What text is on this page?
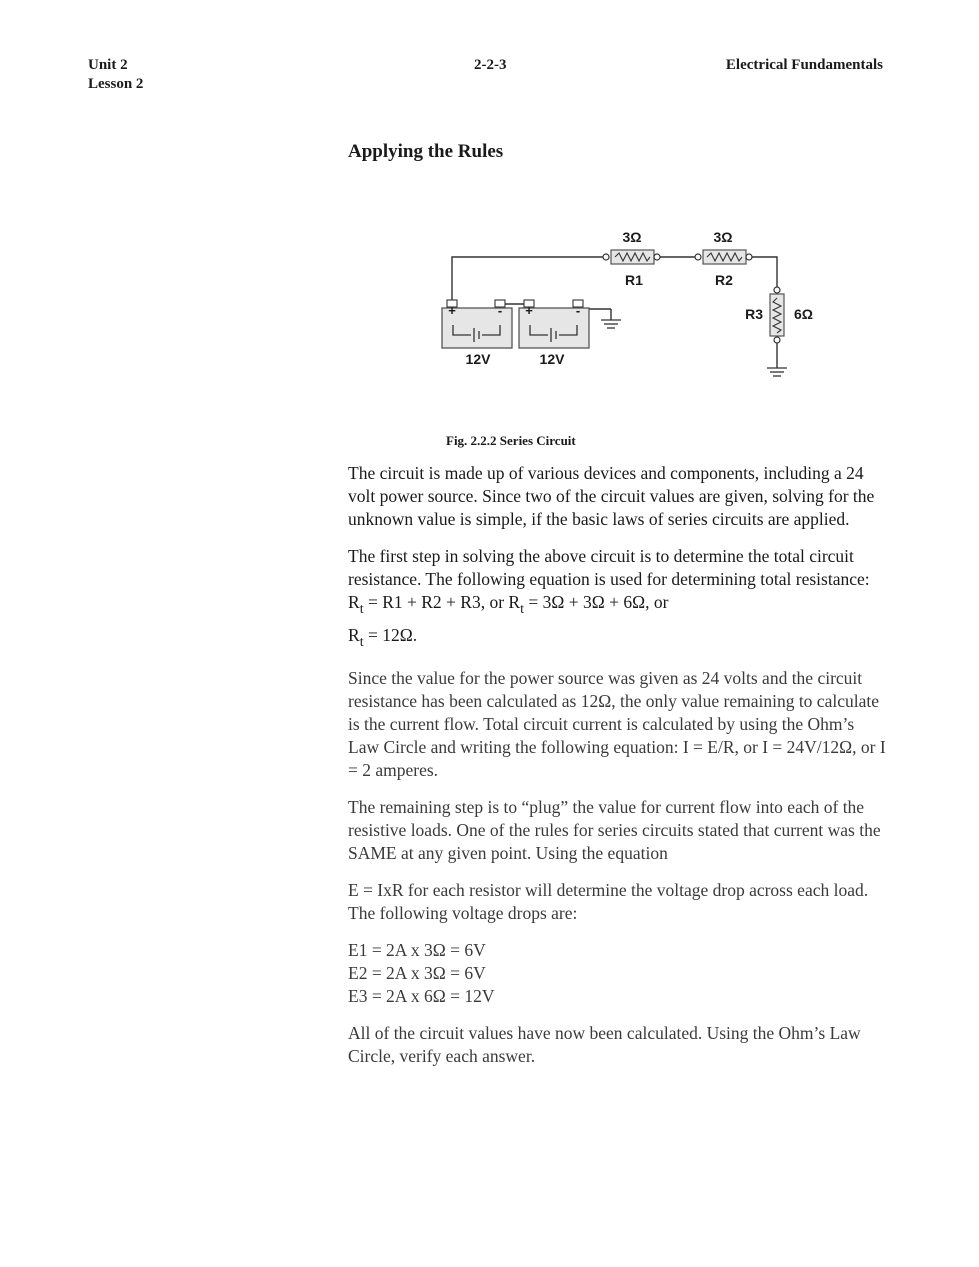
Unit 2
Lesson 2
2-2-3	Electrical Fundamentals
Applying the Rules
3Ω
R1
3Ω
R2
R3 6Ω
+	-
12V
+	-
12V
Fig. 2.2.2 Series Circuit

The circuit is made up of various devices and components, including a 24 volt power source. Since two of the circuit values are given, solving for the unknown value is simple, if the basic laws of series circuits are applied.

The first step in solving the above circuit is to determine the total circuit resistance. The following equation is used for determining total resistance: $R_t = R1 + R2 + R3$, or $R_t = 3\Omega + 3\Omega + 6\Omega$, or
$R_t = 12\Omega$.

Since the value for the power source was given as 24 volts and the circuit resistance has been calculated as 12Ω, the only value remaining to calculate is the current flow. Total circuit current is calculated by using the Ohm’s Law Circle and writing the following equation: I = E/R, or I = 24V/12Ω, or I = 2 amperes.

The remaining step is to “plug” the value for current flow into each of the resistive loads. One of the rules for series circuits stated that current was the SAME at any given point. Using the equation

E = IxR for each resistor will determine the voltage drop across each load. The following voltage drops are:

E1 = 2A x 3Ω = 6V
E2 = 2A x 3Ω = 6V
E3 = 2A x 6Ω = 12V

All of the circuit values have now been calculated. Using the Ohm’s Law Circle, verify each answer.
